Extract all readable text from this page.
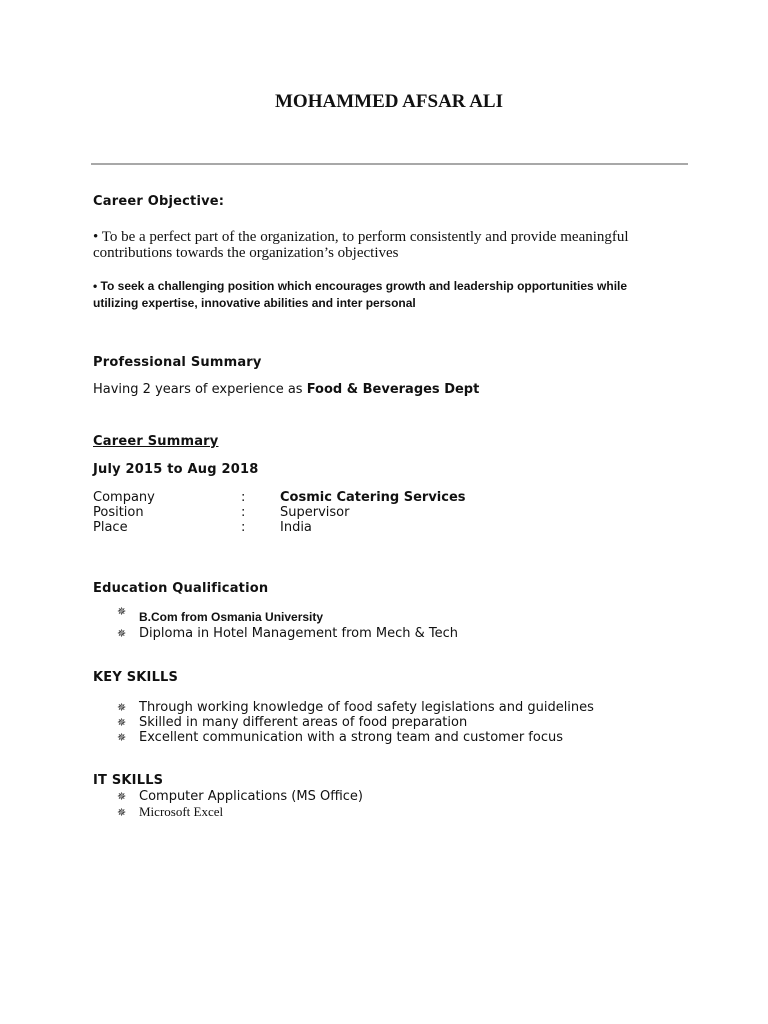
MOHAMMED AFSAR ALI
Career Objective:
• To be a perfect part of the organization, to perform consistently and provide meaningful
contributions towards the organization’s objectives
• To seek a challenging position which encourages growth and leadership opportunities while
utilizing expertise, innovative abilities and inter personal
Professional Summary
Having 2 years of experience as Food & Beverages Dept
Career Summary
July 2015 to Aug 2018
Company	:	Cosmic Catering Services
Position	:	Supervisor
Place	:	India
Education Qualification
✵	B.Com from Osmania University
✵ Diploma in Hotel Management from Mech & Tech
KEY SKILLS
✵ Through working knowledge of food safety legislations and guidelines
✵ Skilled in many different areas of food preparation
✵ Excellent communication with a strong team and customer focus
IT SKILLS
✵ Computer Applications (MS Office)
✵ Microsoft Excel
